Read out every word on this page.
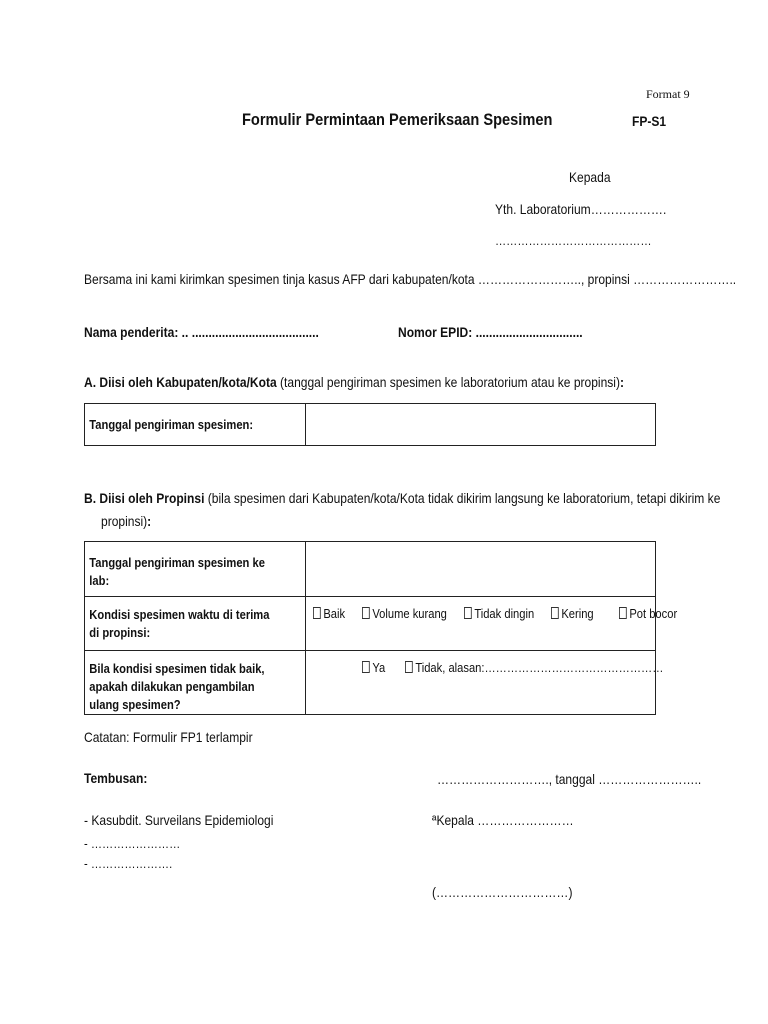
Format 9
Formulir Permintaan Pemeriksaan Spesimen	FP-S1
Kepada
Yth. Laboratorium……………….
……………………………………
Bersama ini kami kirimkan spesimen tinja kasus AFP dari kabupaten/kota …………………….., propinsi ……………………..
Nama penderita: .. ......................................	Nomor EPID: ................................
A. Diisi oleh Kabupaten/kota/Kota (tanggal pengiriman spesimen ke laboratorium atau ke propinsi):
Tanggal pengiriman spesimen:

B. Diisi oleh Propinsi (bila spesimen dari Kabupaten/kota/Kota tidak dikirim langsung ke laboratorium, tetapi dikirim ke
propinsi):
Tanggal pengiriman spesimen ke lab:	

Kondisi spesimen waktu di terima di propinsi:	Baik Volume kurang Tidak dingin Kering Pot bocor

Bila kondisi spesimen tidak baik, apakah dilakukan pengambilan ulang spesimen?	Ya Tidak, alasan:…………………………………………
Catatan: Formulir FP1 terlampir
Tembusan:	………………………., tanggal ……………………..
- Kasubdit. Surveilans Epidemiologi
- ……………………
- ………………….
ªKepala ……………………
(……………………………)
